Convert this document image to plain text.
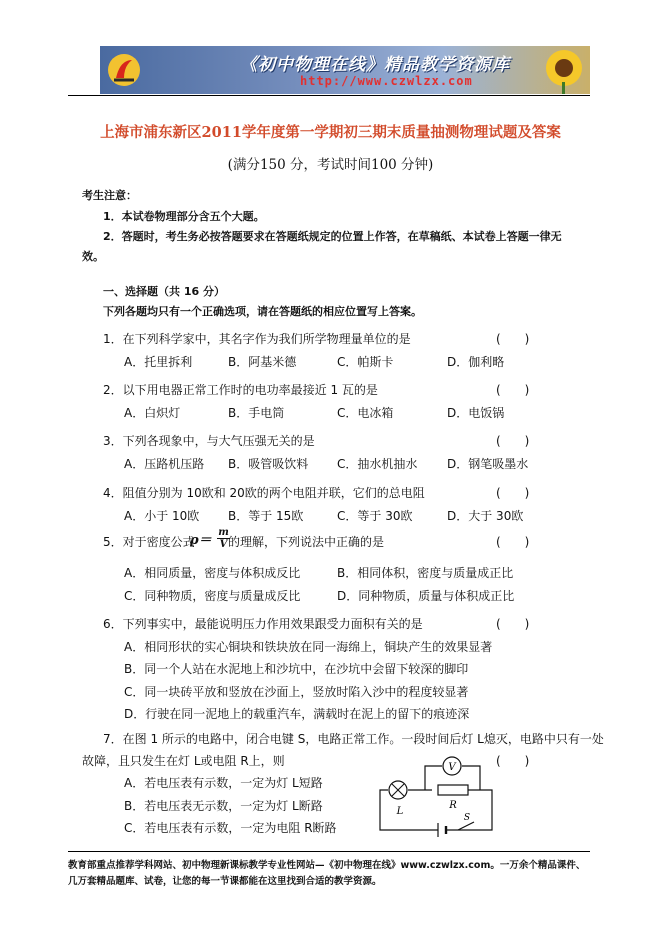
《初中物理在线》精品教学资源库
http://www.czwlzx.com
上海市浦东新区2011学年度第一学期初三期末质量抽测物理试题及答案
(满分150 分，考试时间100 分钟)
考生注意：
1．本试卷物理部分含五个大题。
2．答题时，考生务必按答题要求在答题纸规定的位置上作答，在草稿纸、本试卷上答题一律无
效。
一、选择题（共 16 分）
下列各题均只有一个正确选项，请在答题纸的相应位置写上答案。
1．在下列科学家中，其名字作为我们所学物理量单位的是	(　　)
A．托里拆利	B．阿基米德	C．帕斯卡	D．伽利略
2．以下用电器正常工作时的电功率最接近 1 瓦的是	(　　)
A．白炽灯	B．手电筒	C．电冰箱	D．电饭锅
3．下列各现象中，与大气压强无关的是	(　　)
A．压路机压路 B．吸管吸饮料 C．抽水机抽水 D．钢笔吸墨水
4．阻值分别为 10欧和 20欧的两个电阻并联，它们的总电阻	(　　)
A．小于 10欧 B．等于 15欧	C．等于 30欧	D．大于 30欧
5．对于密度公式
$\rho= \frac{m}{V}$
的理解，下列说法中正确的是	(　　)
A．相同质量，密度与体积成反比	B．相同体积，密度与质量成正比
C．同种物质，密度与质量成反比	D．同种物质，质量与体积成正比
6．下列事实中，最能说明压力作用效果跟受力面积有关的是	(　　)
A．相同形状的实心铜块和铁块放在同一海绵上，铜块产生的效果显著
B．同一个人站在水泥地上和沙坑中，在沙坑中会留下较深的脚印
C．同一块砖平放和竖放在沙面上，竖放时陷入沙中的程度较显著
D．行驶在同一泥地上的载重汽车，满载时在泥上的留下的痕迹深
7．在图 1 所示的电路中，闭合电键 S，电路正常工作。一段时间后灯 L熄灭，电路中只有一处
故障，且只发生在灯 L或电阻 R上，则	(　　)
A．若电压表有示数，一定为灯 L短路
B．若电压表无示数，一定为灯 L断路
C．若电压表有示数，一定为电阻 R断路
V
R
L
S
教育部重点推荐学科网站、初中物理新课标教学专业性网站—《初中物理在线》www.czwlzx.com。一万余个精品课件、
几万套精品题库、试卷，让您的每一节课都能在这里找到合适的教学资源。
